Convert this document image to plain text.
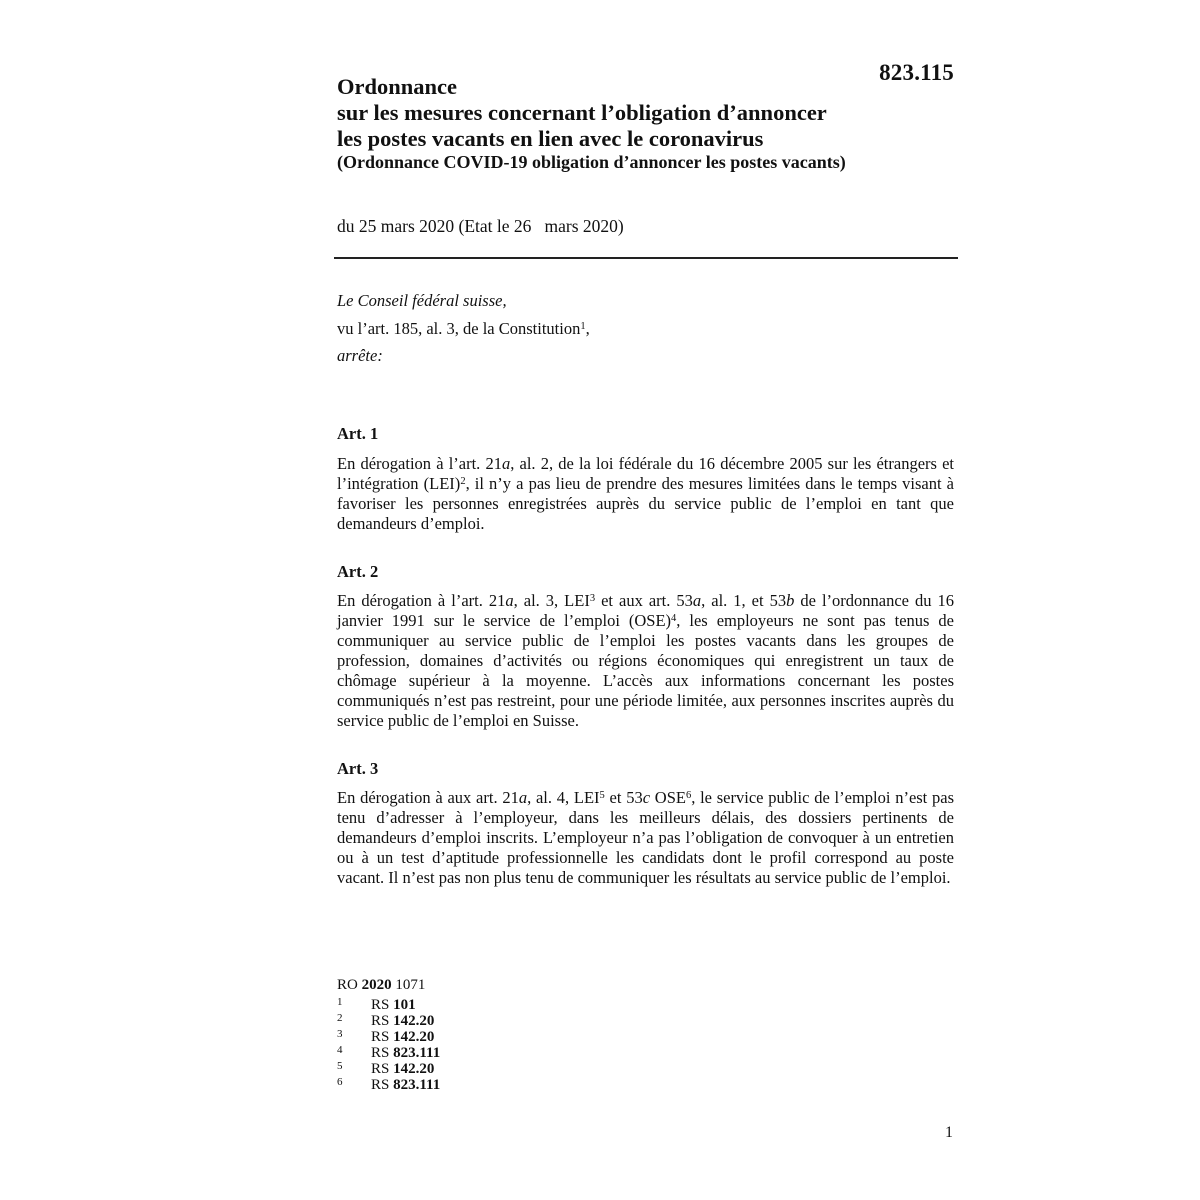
823.115
Ordonnance
sur les mesures concernant l’obligation d’annoncer
les postes vacants en lien avec le coronavirus
(Ordonnance COVID-19 obligation d’annoncer les postes vacants)
du 25 mars 2020 (Etat le 26   mars 2020)
Le Conseil fédéral suisse,
vu l’art. 185, al. 3, de la Constitution$^1$,
arrête:
Art. 1
En dérogation à l’art. 21a, al. 2, de la loi fédérale du 16 décembre 2005 sur les étrangers et l’intégration (LEI)$^2$, il n’y a pas lieu de prendre des mesures limitées dans le temps visant à favoriser les personnes enregistrées auprès du service public de l’emploi en tant que demandeurs d’emploi.
Art. 2
En dérogation à l’art. 21a, al. 3, LEI$^3$ et aux art. 53a, al. 1, et 53b de l’ordonnance du 16 janvier 1991 sur le service de l’emploi (OSE)$^4$, les employeurs ne sont pas tenus de communiquer au service public de l’emploi les postes vacants dans les groupes de profession, domaines d’activités ou régions économiques qui enregistrent un taux de chômage supérieur à la moyenne. L’accès aux informations concernant les postes communiqués n’est pas restreint, pour une période limitée, aux personnes inscrites auprès du service public de l’emploi en Suisse.
Art. 3
En dérogation à aux art. 21a, al. 4, LEI$^5$ et 53c OSE$^6$, le service public de l’emploi n’est pas tenu d’adresser à l’employeur, dans les meilleurs délais, des dossiers pertinents de demandeurs d’emploi inscrits. L’employeur n’a pas l’obligation de convoquer à un entretien ou à un test d’aptitude professionnelle les candidats dont le profil correspond au poste vacant. Il n’est pas non plus tenu de communiquer les résultats au service public de l’emploi.
RO 2020 1071
1 RS 101
2 RS 142.20
3 RS 142.20
4 RS 823.111
5 RS 142.20
6 RS 823.111
1
